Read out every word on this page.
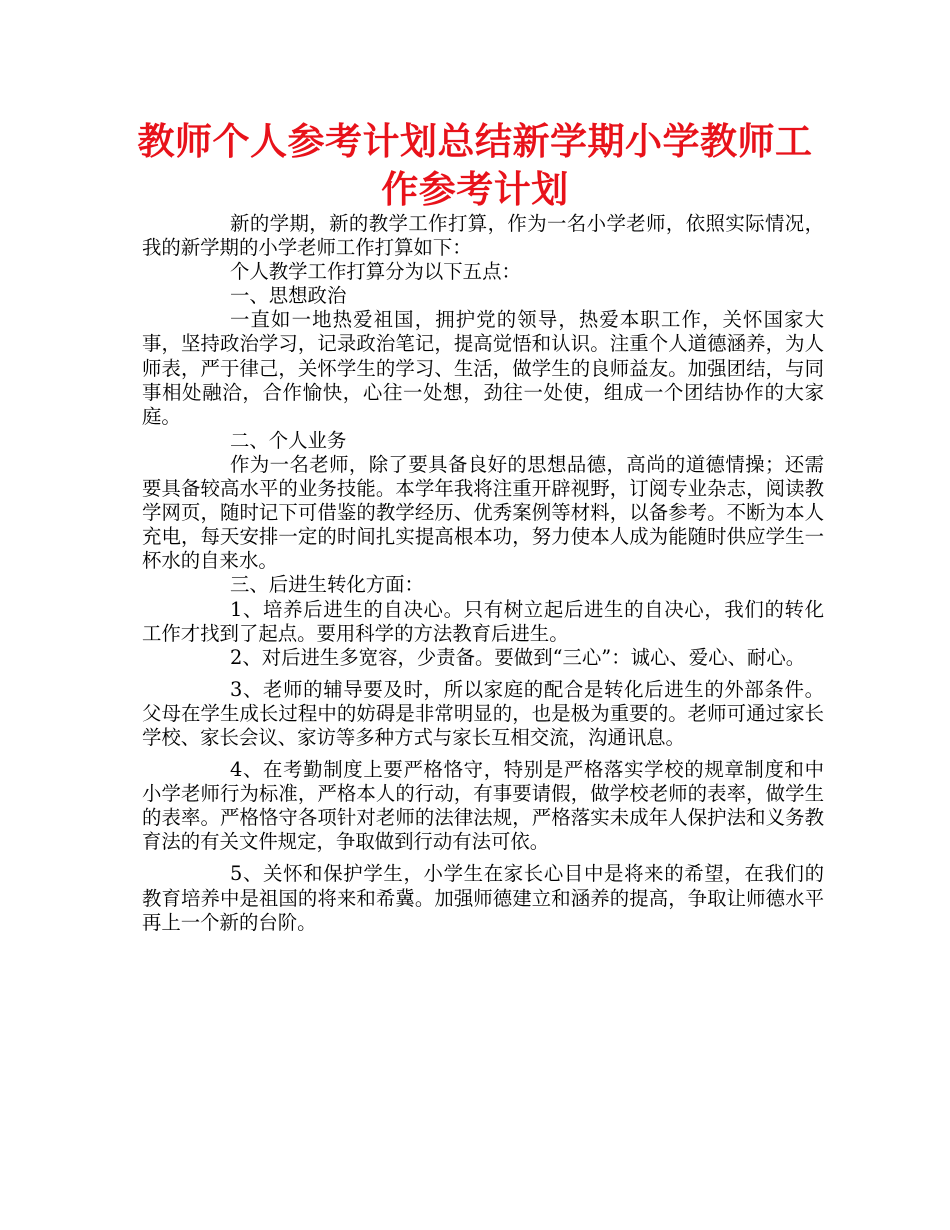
教师个人参考计划总结新学期小学教师工作参考计划

新的学期，新的教学工作打算，作为一名小学老师，依照实际情况，我的新学期的小学老师工作打算如下：

个人教学工作打算分为以下五点：

一、思想政治

一直如一地热爱祖国，拥护党的领导，热爱本职工作，关怀国家大事，坚持政治学习，记录政治笔记，提高觉悟和认识。注重个人道德涵养，为人师表，严于律己，关怀学生的学习、生活，做学生的良师益友。加强团结，与同事相处融洽，合作愉快，心往一处想，劲往一处使，组成一个团结协作的大家庭。

二、个人业务

作为一名老师，除了要具备良好的思想品德，高尚的道德情操；还需要具备较高水平的业务技能。本学年我将注重开辟视野，订阅专业杂志，阅读教学网页，随时记下可借鉴的教学经历、优秀案例等材料，以备参考。不断为本人充电，每天安排一定的时间扎实提高根本功，努力使本人成为能随时供应学生一杯水的自来水。

三、后进生转化方面：

1、培养后进生的自决心。只有树立起后进生的自决心，我们的转化工作才找到了起点。要用科学的方法教育后进生。

2、对后进生多宽容，少责备。要做到“三心”：诚心、爱心、耐心。

3、老师的辅导要及时，所以家庭的配合是转化后进生的外部条件。父母在学生成长过程中的妨碍是非常明显的，也是极为重要的。老师可通过家长学校、家长会议、家访等多种方式与家长互相交流，沟通讯息。

4、在考勤制度上要严格恪守，特别是严格落实学校的规章制度和中小学老师行为标准，严格本人的行动，有事要请假，做学校老师的表率，做学生的表率。严格恪守各项针对老师的法律法规，严格落实未成年人保护法和义务教育法的有关文件规定，争取做到行动有法可依。

5、关怀和保护学生，小学生在家长心目中是将来的希望，在我们的教育培养中是祖国的将来和希冀。加强师德建立和涵养的提高，争取让师德水平再上一个新的台阶。
